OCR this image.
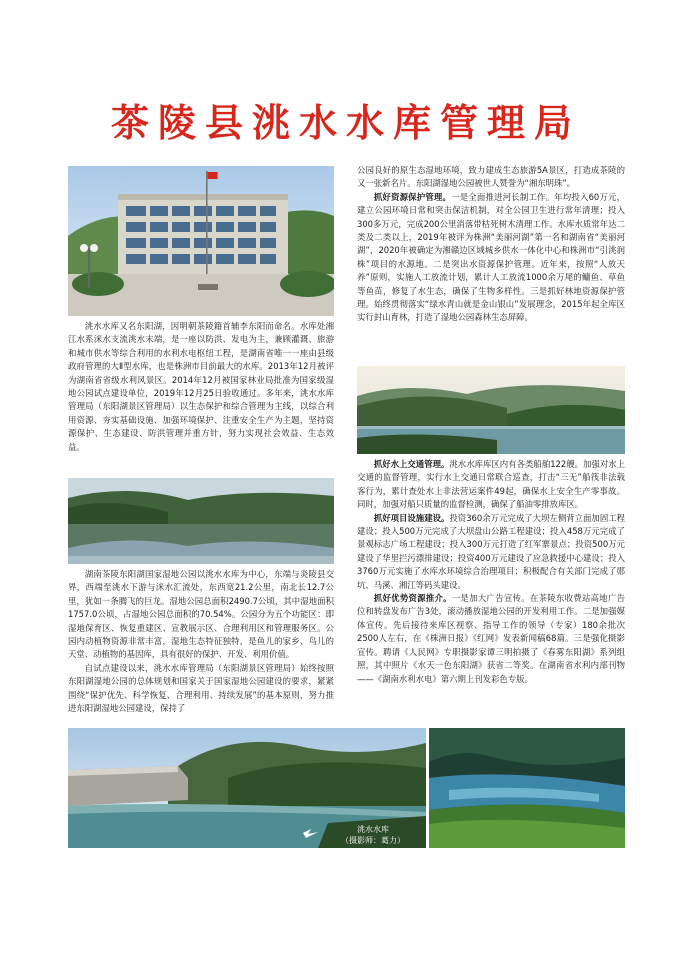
茶陵县洮水水库管理局

洮水水库又名东阳湖，因明朝茶陵籍首辅李东阳而命名。水库处湘江水系洣水支流洮水末端，是一座以防洪、发电为主，兼顾灌溉、旅游和城市供水等综合利用的水利水电枢纽工程，是湖南省唯一一座由县级政府管理的大Ⅱ型水库，也是株洲市目前最大的水库。2013年12月被评为湖南省省级水利风景区。2014年12月被国家林业局批准为国家级湿地公园试点建设单位，2019年12月25日验收通过。多年来，洮水水库管理局（东阳湖景区管理局）以生态保护和综合管理为主线，以综合利用资源、夯实基础设施、加强环境保护、注重安全生产为主题，坚持资源保护、生态建设、防洪管理并重方针，努力实现社会效益、生态效益。

湖南茶陵东阳湖国家湿地公园以洮水水库为中心，东端与炎陵县交界，西端至洮水下游与洣水汇流处，东西宽21.2公里，南北长12.7公里，犹如一条腾飞的巨龙。湿地公园总面积2490.7公顷，其中湿地面积1757.0公顷，占湿地公园总面积的70.54%。公园分为五个功能区：即湿地保育区、恢复重建区、宣教展示区、合理利用区和管理服务区。公园内动植物资源非常丰富，湿地生态特征独特，是鱼儿的家乡、鸟儿的天堂、动植物的基因库，具有很好的保护、开发、利用价值。

自试点建设以来，洮水水库管理局（东阳湖景区管理局）始终按照东阳湖湿地公园的总体规划和国家关于国家湿地公园建设的要求，紧紧围绕“保护优先、科学恢复、合理利用、持续发展”的基本原则，努力推进东阳湖湿地公园建设，保持了

公园良好的原生态湿地环境，致力建成生态旅游5A景区，打造成茶陵的又一张新名片。东阳湖湿地公园被世人赞誉为“湘东明珠”。

抓好资源保护管理。一是全面推进河长制工作。年均投入60万元，建立公园环境日常和突击保洁机制，对全公园卫生进行常年清理；投入300多万元，完成200公里消落带枯死树木清理工作。水库水质常年达二类及二类以上，2019年被评为株洲“美丽河湖”第一名和湖南省“美丽河湖”，2020年被确定为湘赣边区域城乡供水一体化中心和株洲市“引洮润株”项目的水源地。二是突出水资源保护管理。近年来，按照“人放天养”原则，实施人工放流计划，累计人工放流1000余万尾的鳙鱼、草鱼等鱼苗，修复了水生态，确保了生物多样性。三是抓好林地资源保护管理。始终贯彻落实“绿水青山就是金山银山”发展理念，2015年起全库区实行封山育林，打造了湿地公园森林生态屏障。

抓好水上交通管理。洮水水库库区内有各类船舶122艘。加强对水上交通的监督管理，实行水上交通日常联合巡查，打击“三无”船筏非法载客行为，累计查处水上非法营运案件49起，确保水上安全生产零事故。同时，加强对船只质量的监督检测，确保了船油零排放库区。

抓好项目设施建设。投资360余万元完成了大坝左侧背立面加固工程建设；投入500万元完成了大坝盘山公路工程建设；投入458万元完成了景观标志广场工程建设；投入300万元打造了红军寨景点；投资500万元建设了华里拦污漂排建设；投资400万元建设了应急救援中心建设；投入3760万元实施了水库水环境综合治理项目；积极配合有关部门完成了郧坑、马溪、湘江等码头建设。

抓好优势资源推介。一是加大广告宣传。在茶陵东收费站高地广告位和转盘发布广告3处，滚动播放湿地公园的开发利用工作。二是加强媒体宣传。先后接待来库区视察、指导工作的领导（专家）180余批次2500人左右，在《株洲日报》《红网》发表新闻稿68篇。三是强化摄影宣传。聘请《人民网》专职摄影家谭三明拍摄了《春雾东阳湖》系列组照，其中照片《水天一色东阳湖》获省二等奖。在湖南省水利内部刊物——《湖南水利水电》第六期上刊发彩色专版。

洮水水库
（摄影师：葛力）
